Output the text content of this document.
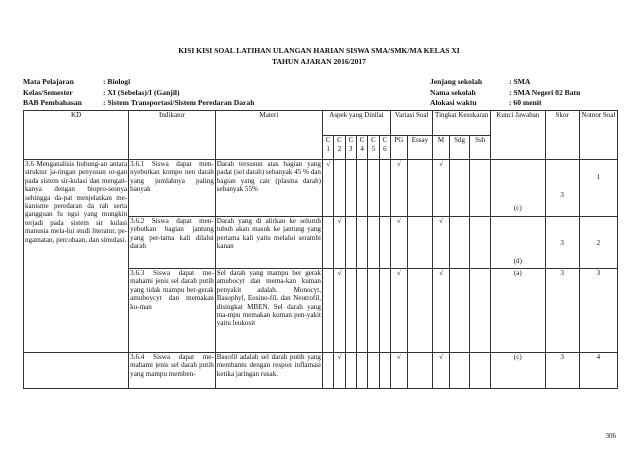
KISI KISI SOAL LATIHAN ULANGAN HARIAN SISWA SMA/SMK/MA KELAS XI
TAHUN AJARAN 2016/2017
Mata Pelajaran	: Biologi	Jenjang sekolah	: SMA
Kelas/Semester	: XI (Sebelas)/I (Ganjil)	Nama sekolah	: SMA Negeri 02 Batu
BAB Pembahasan	: Sistem Transportasi/Sistem Peredaran Darah	Alokasi waktu	: 60 menit
KD	Indikator	Materi	Aspek yang Dinilai						Variasi Soal		Tingkat Kesukaran			Kunci Jawaban	Skor	Nomor Soal
			C 1	C 2	C 3	C 4	C 5	C 6	PG	Essay	M	Sdg	Ssh			
3.6 Menganalisis hubung-an antara struktur ja-ringan penyusun or-gan pada sistem sir-kulasi dan mengait-kanya dengan biopro-sesnya sehingga da-pat menjelaskan me-kanisme peredaran da rah serta gangguan fu ngsi yang mungkin terjadi pada sistem sir kulasi manusia mela-lui studi literatur, pe-ngamatan, percobaan, dan simulasi.	3.6.1 Siswa dapat men-nyebutkan kompo nen darah yang jumlahnya paling banyak	Darah tersusun atas bagian yang padat (sel darah) sebanyak 45 % dan bagian yang cair (plasma darah) sebanyak 55%	√						√		√			(c)	3	1
	3.6.2 Siswa dapat men-yebutkan bagian jantung yang per-tama kali dilalui darah	Darah yang di alirkan ke seluruh tubuh akan masuk ke jantung yang pertama kali yaitu melalui serambi kanan		√					√		√			(d)	3	2
	3.6.3 Siswa dapat me-mahami jenis sel darah putih yang tidak mampu ber-gerak amuboycyt dan memakan ku-man	Sel darah yang mampu ber gerak amubocyt dan mema-kan kuman penyakit adalah. Monocyt, Basophyl, Eosino-fil, dan Neutrofil, disingkat MBEN. Sel darah yang ma-mpu memakan kuman pen-yakit yaitu leukosit		√					√		√			(a)	3	3
	3.6.4 Siswa dapat me-mahami jenis sel darah putih yang mampu memben-	Basofil adalah sel darah putih yang membantu dengan respon inflamasi ketika jaringan rusak.		√					√		√			(c)	3	4
306
